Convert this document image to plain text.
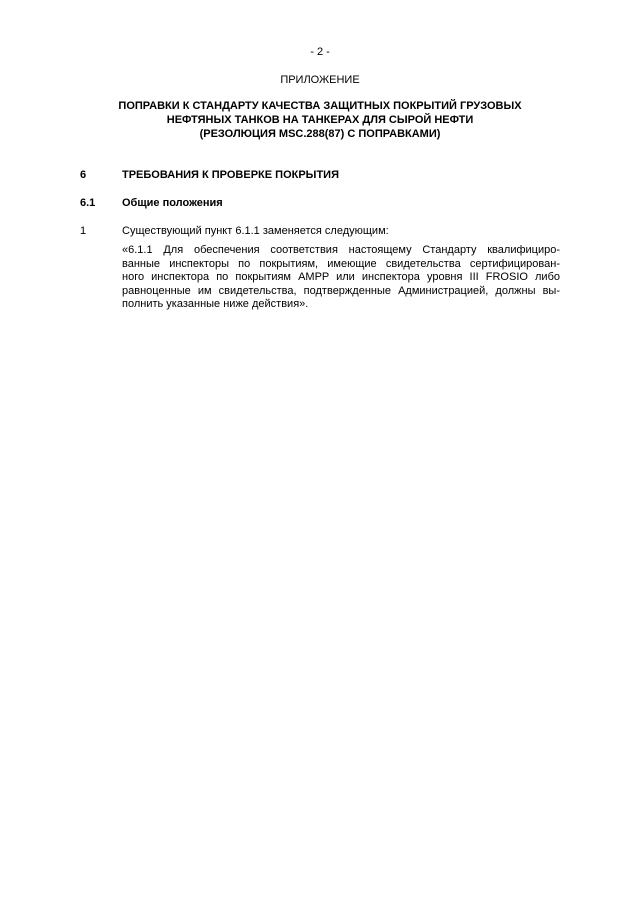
- 2 -
ПРИЛОЖЕНИЕ
ПОПРАВКИ К СТАНДАРТУ КАЧЕСТВА ЗАЩИТНЫХ ПОКРЫТИЙ ГРУЗОВЫХ
НЕФТЯНЫХ ТАНКОВ НА ТАНКЕРАХ ДЛЯ СЫРОЙ НЕФТИ
(РЕЗОЛЮЦИЯ MSC.288(87) С ПОПРАВКАМИ)
6	ТРЕБОВАНИЯ К ПРОВЕРКЕ ПОКРЫТИЯ
6.1 Общие положения
1	Существующий пункт 6.1.1 заменяется следующим:
«6.1.1 Для обеспечения соответствия настоящему Стандарту квалифициро-
ванные инспекторы по покрытиям, имеющие свидетельства сертифицирован-
ного инспектора по покрытиям AMPP или инспектора уровня III FROSIO либо
равноценные им свидетельства, подтвержденные Администрацией, должны вы-
полнить указанные ниже действия».
